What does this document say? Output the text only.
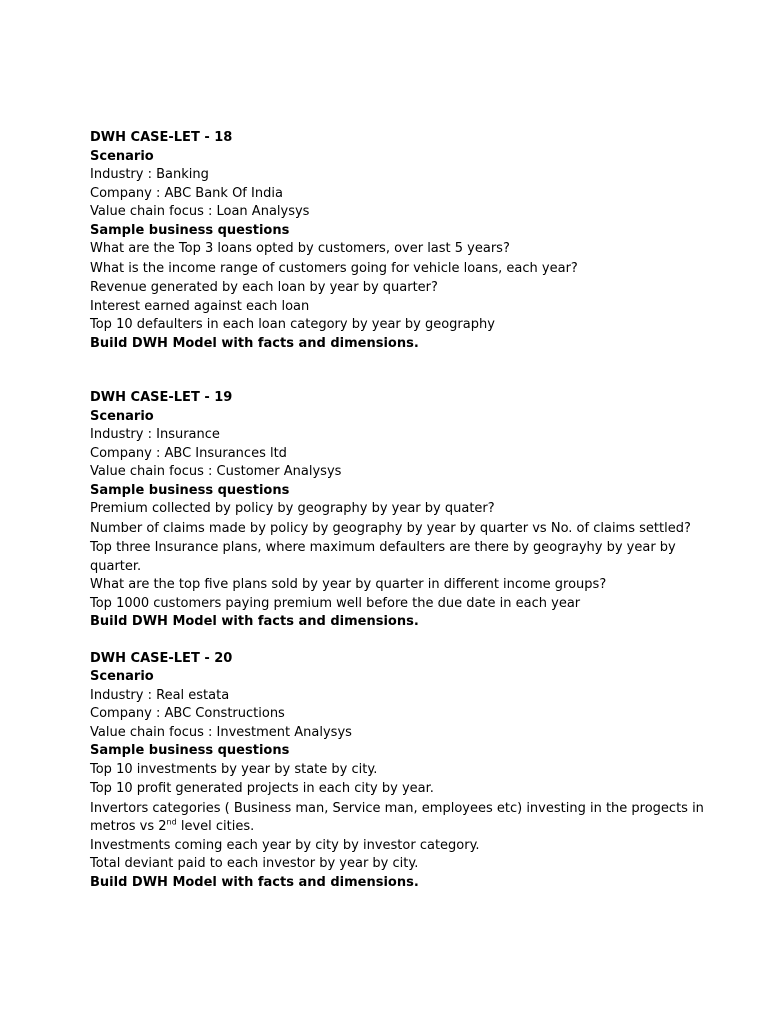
DWH CASE-LET - 18
Scenario
Industry : Banking
Company : ABC Bank Of India
Value chain focus : Loan Analysys
Sample business questions
What are the Top 3 loans opted by customers, over last 5 years?
What is the income range of customers going for vehicle loans, each year?
Revenue generated by each loan by year by quarter?
Interest earned against each loan
Top 10 defaulters in each loan category by year by geography
Build DWH Model with facts and dimensions.
DWH CASE-LET - 19
Scenario
Industry : Insurance
Company : ABC Insurances ltd
Value chain focus : Customer Analysys
Sample business questions
Premium collected by policy by geography by year by quater?
Number of claims made by policy by geography by year by quarter vs No. of claims settled?
Top three Insurance plans, where maximum defaulters are there by geograyhy by year by
quarter.
What are the top five plans sold by year by quarter in different income groups?
Top 1000 customers paying premium well before the due date in each year
Build DWH Model with facts and dimensions.
DWH CASE-LET - 20
Scenario
Industry : Real estata
Company : ABC Constructions
Value chain focus : Investment Analysys
Sample business questions
Top 10 investments by year by state by city.
Top 10 profit generated projects in each city by year.
Invertors categories ( Business man, Service man, employees etc) investing in the progects in
metros vs 2nd level cities.
Investments coming each year by city by investor category.
Total deviant paid to each investor by year by city.
Build DWH Model with facts and dimensions.
